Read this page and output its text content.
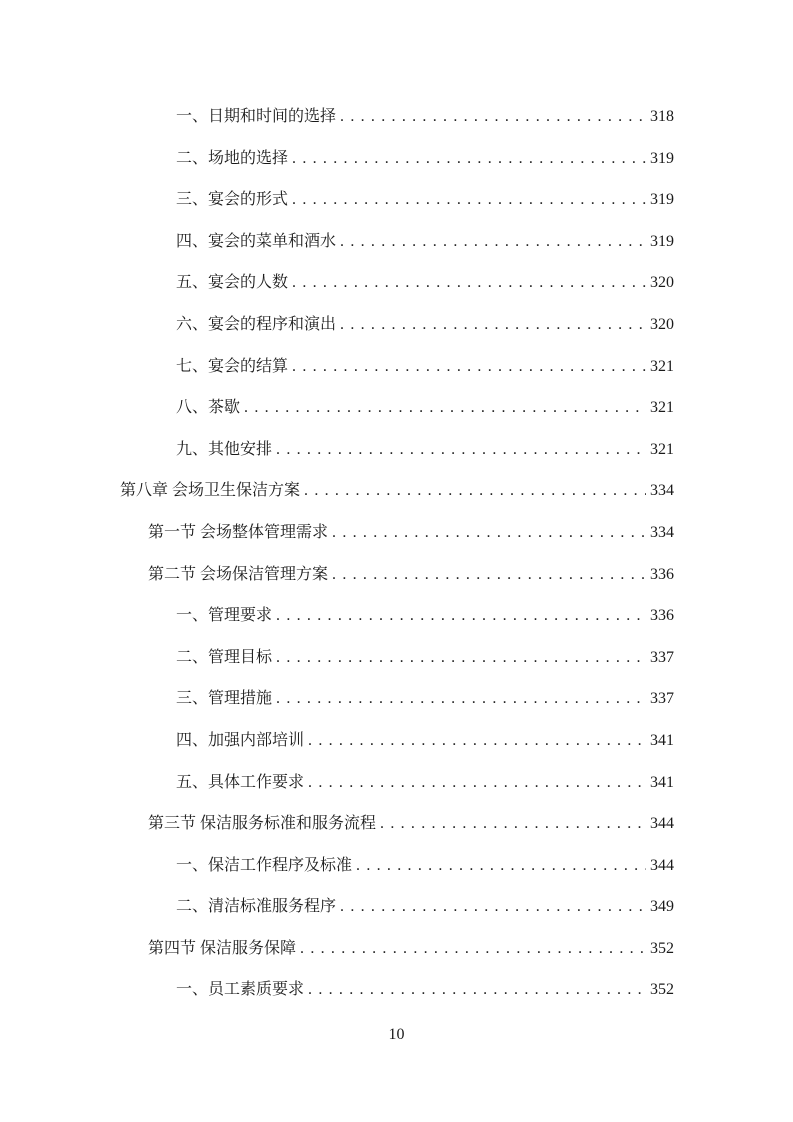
一、日期和时间的选择 . . .	318
二、场地的选择 . . .	319
三、宴会的形式 . . .	319
四、宴会的菜单和酒水 . . .	319
五、宴会的人数 . . .	320
六、宴会的程序和演出 . . .	320
七、宴会的结算 . . .	321
八、茶歇 . . .	321
九、其他安排 . . .	321
第八章 会场卫生保洁方案 . . .	334
第一节 会场整体管理需求 . . .	334
第二节 会场保洁管理方案 . . .	336
一、管理要求 . . .	336
二、管理目标 . . .	337
三、管理措施 . . .	337
四、加强内部培训 . . .	341
五、具体工作要求 . . .	341
第三节 保洁服务标准和服务流程 . . .	344
一、保洁工作程序及标准 . . .	344
二、清洁标准服务程序 . . .	349
第四节 保洁服务保障 . . .	352
一、员工素质要求 . . .	352
10
